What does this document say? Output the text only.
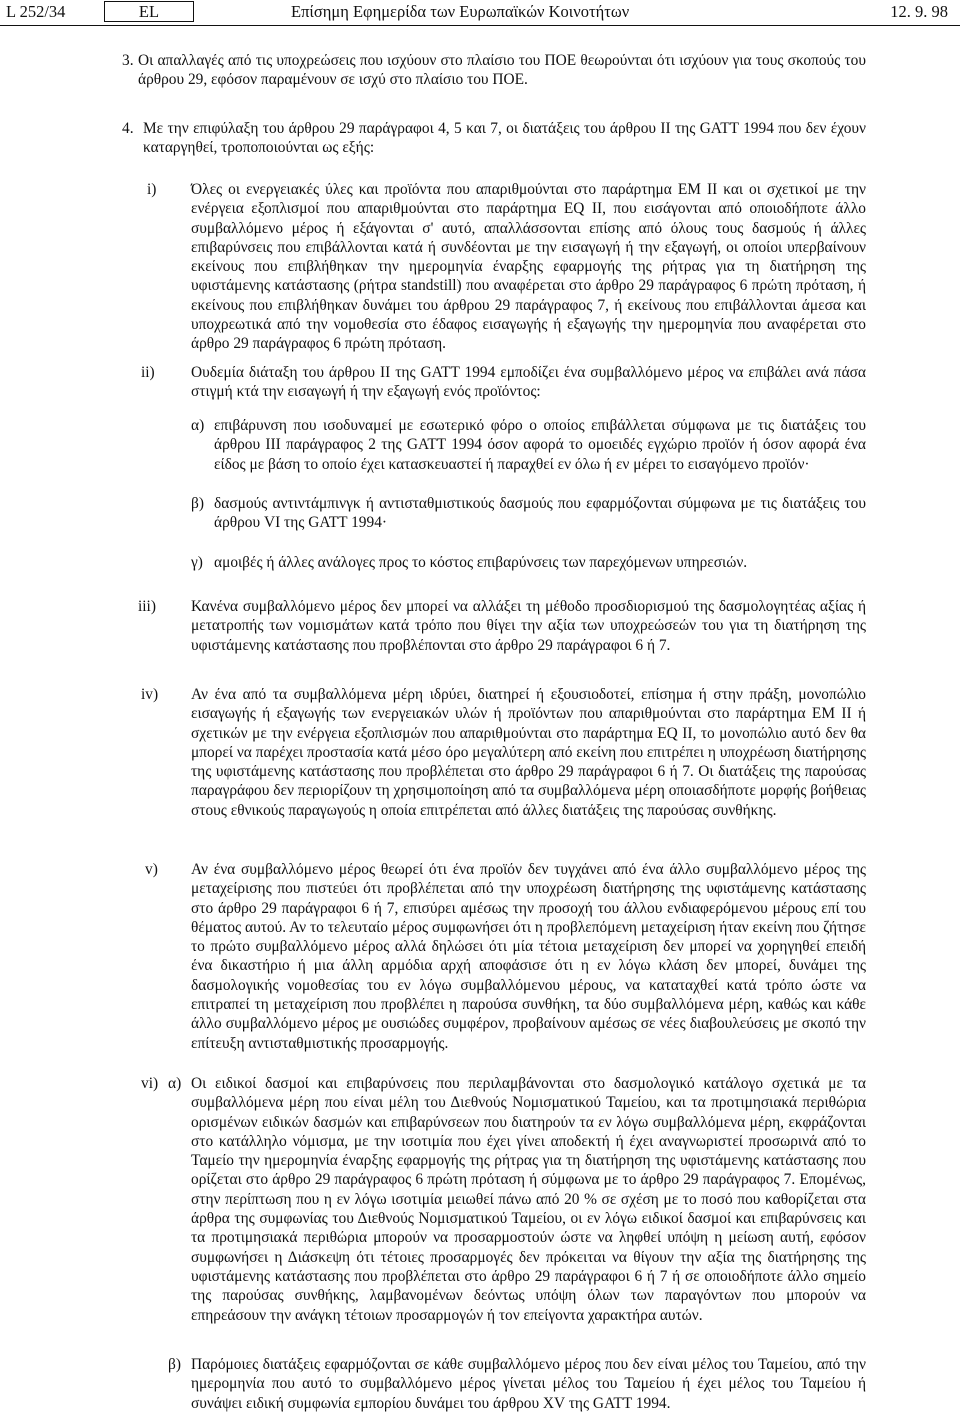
L 252/34	EL	Επίσημη Εφημερίδα των Ευρωπαϊκών Κοινοτήτων	12. 9. 98
3. Οι απαλλαγές από τις υποχρεώσεις που ισχύουν στο πλαίσιο του ΠΟΕ θεωρούνται ότι ισχύουν για τους σκοπούς του άρθρου 29, εφόσον παραμένουν σε ισχύ στο πλαίσιο του ΠΟΕ.
4. Με την επιφύλαξη του άρθρου 29 παράγραφοι 4, 5 και 7, οι διατάξεις του άρθρου II της GATT 1994 που δεν έχουν καταργηθεί, τροποποιούνται ως εξής:
i) Όλες οι ενεργειακές ύλες και προϊόντα που απαριθμούνται στο παράρτημα EM II και οι σχετικοί με την ενέργεια εξοπλισμοί που απαριθμούνται στο παράρτημα EQ II, που εισάγονται από οποιοδήποτε άλλο συμβαλλόμενο μέρος ή εξάγονται σ' αυτό, απαλλάσσονται επίσης από όλους τους δασμούς ή άλλες επιβαρύνσεις που επιβάλλονται κατά ή συνδέονται με την εισαγωγή ή την εξαγωγή, οι οποίοι υπερβαίνουν εκείνους που επιβλήθηκαν την ημερομηνία έναρξης εφαρμογής της ρήτρας για τη διατήρηση της υφιστάμενης κατάστασης (ρήτρα standstill) που αναφέρεται στο άρθρο 29 παράγραφος 6 πρώτη πρόταση, ή εκείνους που επιβλήθηκαν δυνάμει του άρθρου 29 παράγραφος 7, ή εκείνους που επιβάλλονται άμεσα και υποχρεωτικά από την νομοθεσία στο έδαφος εισαγωγής ή εξαγωγής την ημερομηνία που αναφέρεται στο άρθρο 29 παράγραφος 6 πρώτη πρόταση.
ii) Ουδεμία διάταξη του άρθρου II της GATT 1994 εμποδίζει ένα συμβαλλόμενο μέρος να επιβάλει ανά πάσα στιγμή κτά την εισαγωγή ή την εξαγωγή ενός προϊόντος:
α) επιβάρυνση που ισοδυναμεί με εσωτερικό φόρο ο οποίος επιβάλλεται σύμφωνα με τις διατάξεις του άρθρου III παράγραφος 2 της GATT 1994 όσον αφορά το ομοειδές εγχώριο προϊόν ή όσον αφορά ένα είδος με βάση το οποίο έχει κατασκευαστεί ή παραχθεί εν όλω ή εν μέρει το εισαγόμενο προϊόν·
β) δασμούς αντιντάμπινγκ ή αντισταθμιστικούς δασμούς που εφαρμόζονται σύμφωνα με τις διατάξεις του άρθρου VI της GATT 1994·
γ) αμοιβές ή άλλες ανάλογες προς το κόστος επιβαρύνσεις των παρεχόμενων υπηρεσιών.
iii) Κανένα συμβαλλόμενο μέρος δεν μπορεί να αλλάξει τη μέθοδο προσδιορισμού της δασμολογητέας αξίας ή μετατροπής των νομισμάτων κατά τρόπο που θίγει την αξία των υποχρεώσεών του για τη διατήρηση της υφιστάμενης κατάστασης που προβλέπονται στο άρθρο 29 παράγραφοι 6 ή 7.
iv) Αν ένα από τα συμβαλλόμενα μέρη ιδρύει, διατηρεί ή εξουσιοδοτεί, επίσημα ή στην πράξη, μονοπώλιο εισαγωγής ή εξαγωγής των ενεργειακών υλών ή προϊόντων που απαριθμούνται στο παράρτημα EM II ή σχετικών με την ενέργεια εξοπλισμών που απαριθμούνται στο παράρτημα EQ II, το μονοπώλιο αυτό δεν θα μπορεί να παρέχει προστασία κατά μέσο όρο μεγαλύτερη από εκείνη που επιτρέπει η υποχρέωση διατήρησης της υφιστάμενης κατάστασης που προβλέπεται στο άρθρο 29 παράγραφοι 6 ή 7. Οι διατάξεις της παρούσας παραγράφου δεν περιορίζουν τη χρησιμοποίηση από τα συμβαλλόμενα μέρη οποιασδήποτε μορφής βοήθειας στους εθνικούς παραγωγούς η οποία επιτρέπεται από άλλες διατάξεις της παρούσας συνθήκης.
v) Αν ένα συμβαλλόμενο μέρος θεωρεί ότι ένα προϊόν δεν τυγχάνει από ένα άλλο συμβαλλόμενο μέρος της μεταχείρισης που πιστεύει ότι προβλέπεται από την υποχρέωση διατήρησης της υφιστάμενης κατάστασης στο άρθρο 29 παράγραφοι 6 ή 7, επισύρει αμέσως την προσοχή του άλλου ενδιαφερόμενου μέρους επί του θέματος αυτού. Αν το τελευταίο μέρος συμφωνήσει ότι η προβλεπόμενη μεταχείριση ήταν εκείνη που ζήτησε το πρώτο συμβαλλόμενο μέρος αλλά δηλώσει ότι μία τέτοια μεταχείριση δεν μπορεί να χορηγηθεί επειδή ένα δικαστήριο ή μια άλλη αρμόδια αρχή αποφάσισε ότι η εν λόγω κλάση δεν μπορεί, δυνάμει της δασμολογικής νομοθεσίας του εν λόγω συμβαλλόμενου μέρους, να καταταχθεί κατά τρόπο ώστε να επιτραπεί τη μεταχείριση που προβλέπει η παρούσα συνθήκη, τα δύο συμβαλλόμενα μέρη, καθώς και κάθε άλλο συμβαλλόμενο μέρος με ουσιώδες συμφέρον, προβαίνουν αμέσως σε νέες διαβουλεύσεις με σκοπό την επίτευξη αντισταθμιστικής προσαρμογής.
vi) α) Οι ειδικοί δασμοί και επιβαρύνσεις που περιλαμβάνονται στο δασμολογικό κατάλογο σχετικά με τα συμβαλλόμενα μέρη που είναι μέλη του Διεθνούς Νομισματικού Ταμείου, και τα προτιμησιακά περιθώρια ορισμένων ειδικών δασμών και επιβαρύνσεων που διατηρούν τα εν λόγω συμβαλλόμενα μέρη, εκφράζονται στο κατάλληλο νόμισμα, με την ισοτιμία που έχει γίνει αποδεκτή ή έχει αναγνωριστεί προσωρινά από το Ταμείο την ημερομηνία έναρξης εφαρμογής της ρήτρας για τη διατήρηση της υφιστάμενης κατάστασης που ορίζεται στο άρθρο 29 παράγραφος 6 πρώτη πρόταση ή σύμφωνα με το άρθρο 29 παράγραφος 7. Επομένως, στην περίπτωση που η εν λόγω ισοτιμία μειωθεί πάνω από 20 % σε σχέση με το ποσό που καθορίζεται στα άρθρα της συμφωνίας του Διεθνούς Νομισματικού Ταμείου, οι εν λόγω ειδικοί δασμοί και επιβαρύνσεις και τα προτιμησιακά περιθώρια μπορούν να προσαρμοστούν ώστε να ληφθεί υπόψη η μείωση αυτή, εφόσον συμφωνήσει η Διάσκεψη ότι τέτοιες προσαρμογές δεν πρόκειται να θίγουν την αξία της διατήρησης της υφιστάμενης κατάστασης που προβλέπεται στο άρθρο 29 παράγραφοι 6 ή 7 ή σε οποιοδήποτε άλλο σημείο της παρούσας συνθήκης, λαμβανομένων δεόντως υπόψη όλων των παραγόντων που μπορούν να επηρεάσουν την ανάγκη τέτοιων προσαρμογών ή τον επείγοντα χαρακτήρα αυτών.
β) Παρόμοιες διατάξεις εφαρμόζονται σε κάθε συμβαλλόμενο μέρος που δεν είναι μέλος του Ταμείου, από την ημερομηνία που αυτό το συμβαλλόμενο μέρος γίνεται μέλος του Ταμείου ή έχει μέλος του Ταμείου ή συνάψει ειδική συμφωνία εμπορίου δυνάμει του άρθρου XV της GATT 1994.
